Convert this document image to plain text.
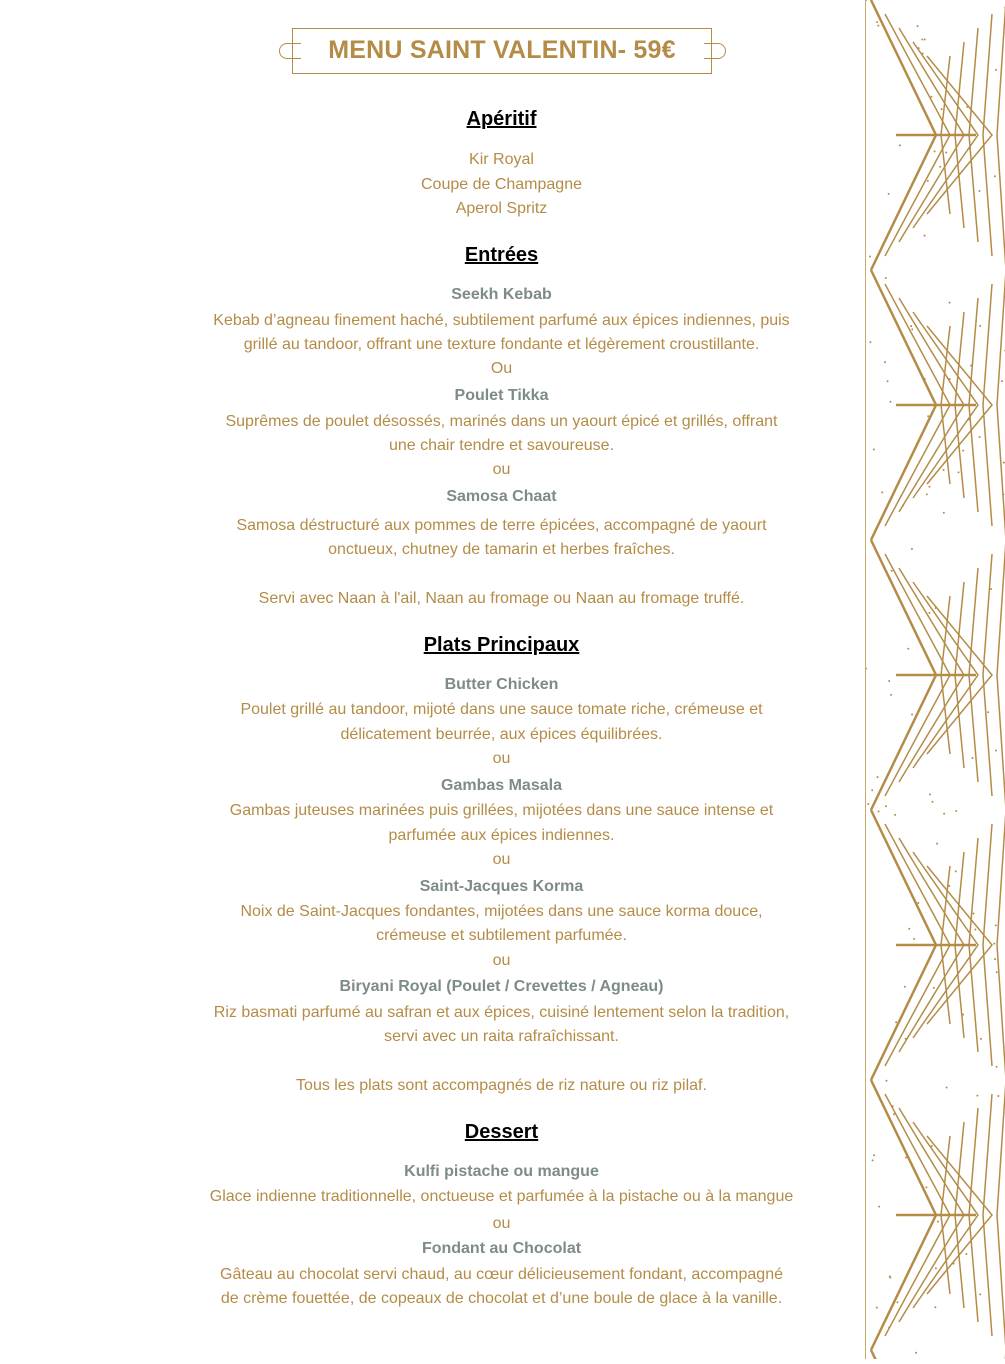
MENU SAINT VALENTIN- 59€
Apéritif
Kir Royal
Coupe de Champagne
Aperol Spritz
Entrées
Seekh Kebab
Kebab d’agneau finement haché, subtilement parfumé aux épices indiennes, puis
grillé au tandoor, offrant une texture fondante et légèrement croustillante.
Ou
Poulet Tikka
Suprêmes de poulet désossés, marinés dans un yaourt épicé et grillés, offrant
une chair tendre et savoureuse.
ou
Samosa Chaat
Samosa déstructuré aux pommes de terre épicées, accompagné de yaourt
onctueux, chutney de tamarin et herbes fraîches.
Servi avec Naan à l'ail, Naan au fromage ou Naan au fromage truffé.
Plats Principaux
Butter Chicken
Poulet grillé au tandoor, mijoté dans une sauce tomate riche, crémeuse et
délicatement beurrée, aux épices équilibrées.
ou
Gambas Masala
Gambas juteuses marinées puis grillées, mijotées dans une sauce intense et
parfumée aux épices indiennes.
ou
Saint-Jacques Korma
Noix de Saint-Jacques fondantes, mijotées dans une sauce korma douce,
crémeuse et subtilement parfumée.
ou
Biryani Royal (Poulet / Crevettes / Agneau)
Riz basmati parfumé au safran et aux épices, cuisiné lentement selon la tradition,
servi avec un raita rafraîchissant.
Tous les plats sont accompagnés de riz nature ou riz pilaf.
Dessert
Kulfi pistache ou mangue
Glace indienne traditionnelle, onctueuse et parfumée à la pistache ou à la mangue
ou
Fondant au Chocolat
Gâteau au chocolat servi chaud, au cœur délicieusement fondant, accompagné
de crème fouettée, de copeaux de chocolat et d’une boule de glace à la vanille.
